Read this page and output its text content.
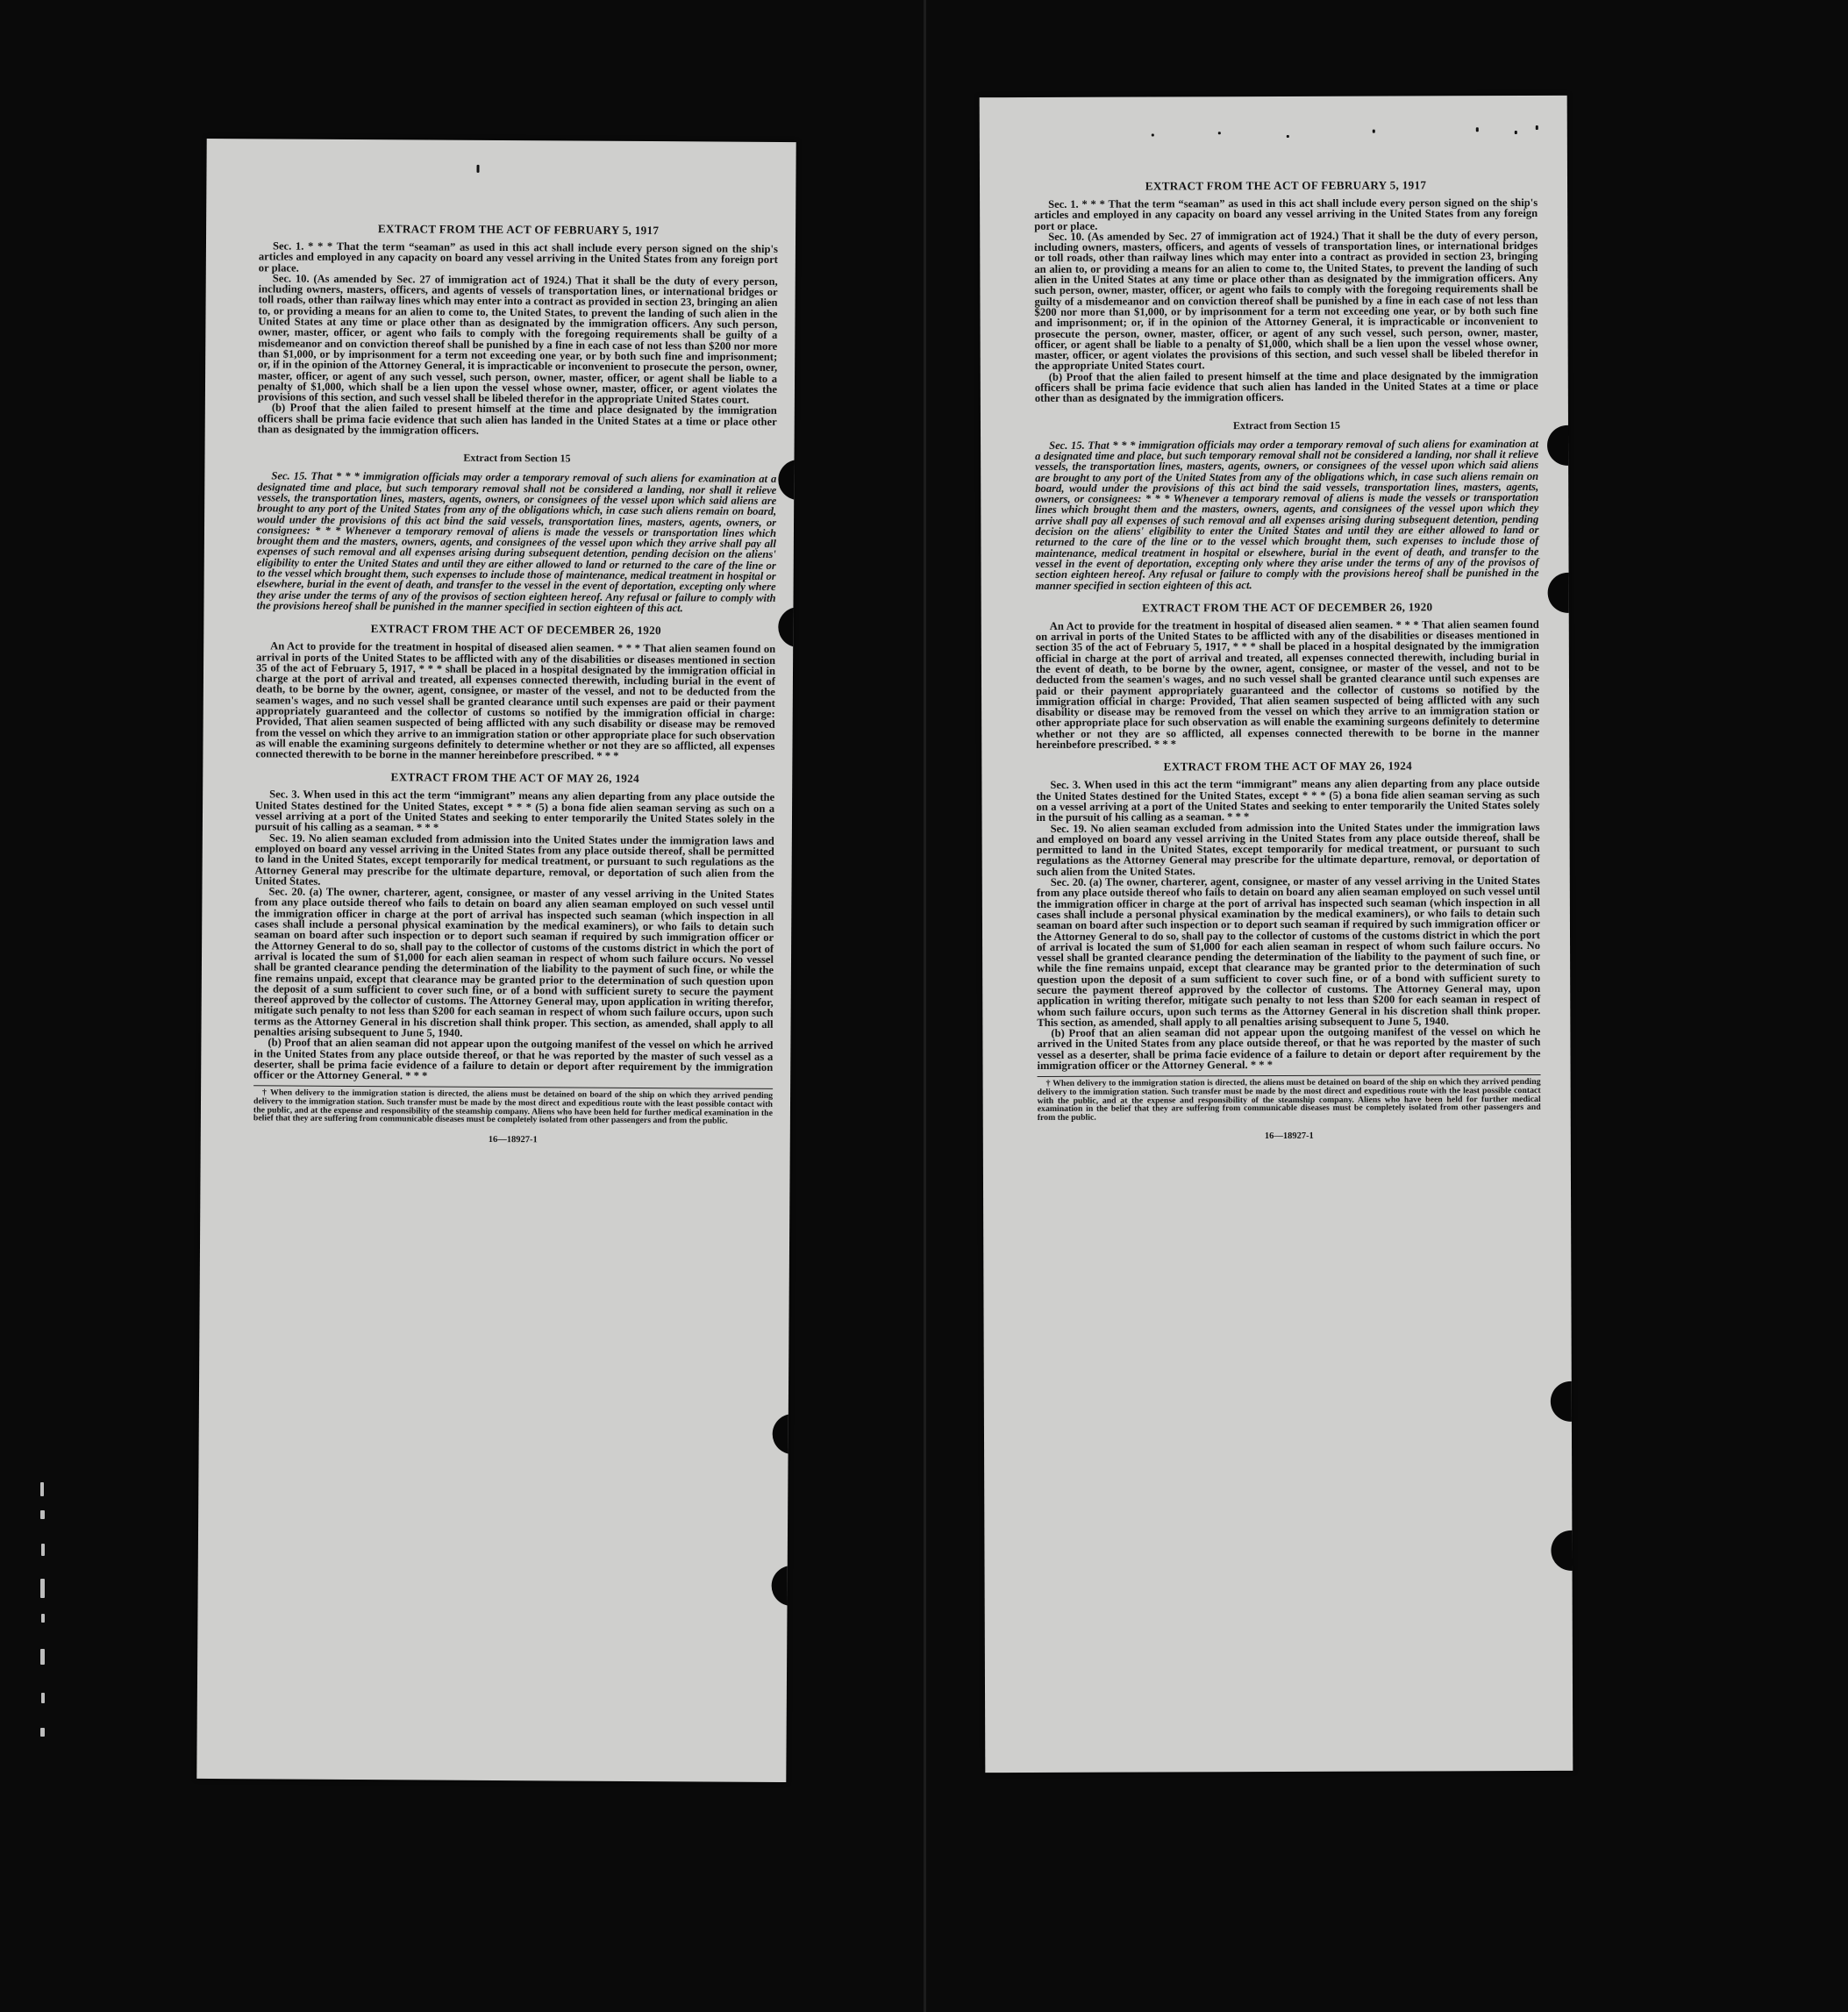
EXTRACT FROM THE ACT OF FEBRUARY 5, 1917

Sec. 1. * * * That the term “seaman” as used in this act shall include every person signed on the ship's articles and employed in any capacity on board any vessel arriving in the United States from any foreign port or place.

Sec. 10. (As amended by Sec. 27 of immigration act of 1924.) That it shall be the duty of every person, including owners, masters, officers, and agents of vessels of transportation lines, or international bridges or toll roads, other than railway lines which may enter into a contract as provided in section 23, bringing an alien to, or providing a means for an alien to come to, the United States, to prevent the landing of such alien in the United States at any time or place other than as designated by the immigration officers. Any such person, owner, master, officer, or agent who fails to comply with the foregoing requirements shall be guilty of a misdemeanor and on conviction thereof shall be punished by a fine in each case of not less than $200 nor more than $1,000, or by imprisonment for a term not exceeding one year, or by both such fine and imprisonment; or, if in the opinion of the Attorney General, it is impracticable or inconvenient to prosecute the person, owner, master, officer, or agent of any such vessel, such person, owner, master, officer, or agent shall be liable to a penalty of $1,000, which shall be a lien upon the vessel whose owner, master, officer, or agent violates the provisions of this section, and such vessel shall be libeled therefor in the appropriate United States court.

(b) Proof that the alien failed to present himself at the time and place designated by the immigration officers shall be prima facie evidence that such alien has landed in the United States at a time or place other than as designated by the immigration officers.

Extract from Section 15

Sec. 15. That * * * immigration officials may order a temporary removal of such aliens for examination at a designated time and place, but such temporary removal shall not be considered a landing, nor shall it relieve vessels, the transportation lines, masters, agents, owners, or consignees of the vessel upon which said aliens are brought to any port of the United States from any of the obligations which, in case such aliens remain on board, would under the provisions of this act bind the said vessels, transportation lines, masters, agents, owners, or consignees: * * * Whenever a temporary removal of aliens is made the vessels or transportation lines which brought them and the masters, owners, agents, and consignees of the vessel upon which they arrive shall pay all expenses of such removal and all expenses arising during subsequent detention, pending decision on the aliens' eligibility to enter the United States and until they are either allowed to land or returned to the care of the line or to the vessel which brought them, such expenses to include those of maintenance, medical treatment in hospital or elsewhere, burial in the event of death, and transfer to the vessel in the event of deportation, excepting only where they arise under the terms of any of the provisos of section eighteen hereof. Any refusal or failure to comply with the provisions hereof shall be punished in the manner specified in section eighteen of this act.

EXTRACT FROM THE ACT OF DECEMBER 26, 1920

An Act to provide for the treatment in hospital of diseased alien seamen. * * * That alien seamen found on arrival in ports of the United States to be afflicted with any of the disabilities or diseases mentioned in section 35 of the act of February 5, 1917, * * * shall be placed in a hospital designated by the immigration official in charge at the port of arrival and treated, all expenses connected therewith, including burial in the event of death, to be borne by the owner, agent, consignee, or master of the vessel, and not to be deducted from the seamen's wages, and no such vessel shall be granted clearance until such expenses are paid or their payment appropriately guaranteed and the collector of customs so notified by the immigration official in charge: Provided, That alien seamen suspected of being afflicted with any such disability or disease may be removed from the vessel on which they arrive to an immigration station or other appropriate place for such observation as will enable the examining surgeons definitely to determine whether or not they are so afflicted, all expenses connected therewith to be borne in the manner hereinbefore prescribed. * * *

EXTRACT FROM THE ACT OF MAY 26, 1924

Sec. 3. When used in this act the term “immigrant” means any alien departing from any place outside the United States destined for the United States, except * * * (5) a bona fide alien seaman serving as such on a vessel arriving at a port of the United States and seeking to enter temporarily the United States solely in the pursuit of his calling as a seaman. * * *

Sec. 19. No alien seaman excluded from admission into the United States under the immigration laws and employed on board any vessel arriving in the United States from any place outside thereof, shall be permitted to land in the United States, except temporarily for medical treatment, or pursuant to such regulations as the Attorney General may prescribe for the ultimate departure, removal, or deportation of such alien from the United States.

Sec. 20. (a) The owner, charterer, agent, consignee, or master of any vessel arriving in the United States from any place outside thereof who fails to detain on board any alien seaman employed on such vessel until the immigration officer in charge at the port of arrival has inspected such seaman (which inspection in all cases shall include a personal physical examination by the medical examiners), or who fails to detain such seaman on board after such inspection or to deport such seaman if required by such immigration officer or the Attorney General to do so, shall pay to the collector of customs of the customs district in which the port of arrival is located the sum of $1,000 for each alien seaman in respect of whom such failure occurs. No vessel shall be granted clearance pending the determination of the liability to the payment of such fine, or while the fine remains unpaid, except that clearance may be granted prior to the determination of such question upon the deposit of a sum sufficient to cover such fine, or of a bond with sufficient surety to secure the payment thereof approved by the collector of customs. The Attorney General may, upon application in writing therefor, mitigate such penalty to not less than $200 for each seaman in respect of whom such failure occurs, upon such terms as the Attorney General in his discretion shall think proper. This section, as amended, shall apply to all penalties arising subsequent to June 5, 1940.

(b) Proof that an alien seaman did not appear upon the outgoing manifest of the vessel on which he arrived in the United States from any place outside thereof, or that he was reported by the master of such vessel as a deserter, shall be prima facie evidence of a failure to detain or deport after requirement by the immigration officer or the Attorney General. * * *

† When delivery to the immigration station is directed, the aliens must be detained on board of the ship on which they arrived pending delivery to the immigration station. Such transfer must be made by the most direct and expeditious route with the least possible contact with the public, and at the expense and responsibility of the steamship company. Aliens who have been held for further medical examination in the belief that they are suffering from communicable diseases must be completely isolated from other passengers and from the public.
16—18927-1
EXTRACT FROM THE ACT OF FEBRUARY 5, 1917

Sec. 1. * * * That the term “seaman” as used in this act shall include every person signed on the ship's articles and employed in any capacity on board any vessel arriving in the United States from any foreign port or place.

Sec. 10. (As amended by Sec. 27 of immigration act of 1924.) That it shall be the duty of every person, including owners, masters, officers, and agents of vessels of transportation lines, or international bridges or toll roads, other than railway lines which may enter into a contract as provided in section 23, bringing an alien to, or providing a means for an alien to come to, the United States, to prevent the landing of such alien in the United States at any time or place other than as designated by the immigration officers. Any such person, owner, master, officer, or agent who fails to comply with the foregoing requirements shall be guilty of a misdemeanor and on conviction thereof shall be punished by a fine in each case of not less than $200 nor more than $1,000, or by imprisonment for a term not exceeding one year, or by both such fine and imprisonment; or, if in the opinion of the Attorney General, it is impracticable or inconvenient to prosecute the person, owner, master, officer, or agent of any such vessel, such person, owner, master, officer, or agent shall be liable to a penalty of $1,000, which shall be a lien upon the vessel whose owner, master, officer, or agent violates the provisions of this section, and such vessel shall be libeled therefor in the appropriate United States court.

(b) Proof that the alien failed to present himself at the time and place designated by the immigration officers shall be prima facie evidence that such alien has landed in the United States at a time or place other than as designated by the immigration officers.

Extract from Section 15

Sec. 15. That * * * immigration officials may order a temporary removal of such aliens for examination at a designated time and place, but such temporary removal shall not be considered a landing, nor shall it relieve vessels, the transportation lines, masters, agents, owners, or consignees of the vessel upon which said aliens are brought to any port of the United States from any of the obligations which, in case such aliens remain on board, would under the provisions of this act bind the said vessels, transportation lines, masters, agents, owners, or consignees: * * * Whenever a temporary removal of aliens is made the vessels or transportation lines which brought them and the masters, owners, agents, and consignees of the vessel upon which they arrive shall pay all expenses of such removal and all expenses arising during subsequent detention, pending decision on the aliens' eligibility to enter the United States and until they are either allowed to land or returned to the care of the line or to the vessel which brought them, such expenses to include those of maintenance, medical treatment in hospital or elsewhere, burial in the event of death, and transfer to the vessel in the event of deportation, excepting only where they arise under the terms of any of the provisos of section eighteen hereof. Any refusal or failure to comply with the provisions hereof shall be punished in the manner specified in section eighteen of this act.

EXTRACT FROM THE ACT OF DECEMBER 26, 1920

An Act to provide for the treatment in hospital of diseased alien seamen. * * * That alien seamen found on arrival in ports of the United States to be afflicted with any of the disabilities or diseases mentioned in section 35 of the act of February 5, 1917, * * * shall be placed in a hospital designated by the immigration official in charge at the port of arrival and treated, all expenses connected therewith, including burial in the event of death, to be borne by the owner, agent, consignee, or master of the vessel, and not to be deducted from the seamen's wages, and no such vessel shall be granted clearance until such expenses are paid or their payment appropriately guaranteed and the collector of customs so notified by the immigration official in charge: Provided, That alien seamen suspected of being afflicted with any such disability or disease may be removed from the vessel on which they arrive to an immigration station or other appropriate place for such observation as will enable the examining surgeons definitely to determine whether or not they are so afflicted, all expenses connected therewith to be borne in the manner hereinbefore prescribed. * * *

EXTRACT FROM THE ACT OF MAY 26, 1924

Sec. 3. When used in this act the term “immigrant” means any alien departing from any place outside the United States destined for the United States, except * * * (5) a bona fide alien seaman serving as such on a vessel arriving at a port of the United States and seeking to enter temporarily the United States solely in the pursuit of his calling as a seaman. * * *

Sec. 19. No alien seaman excluded from admission into the United States under the immigration laws and employed on board any vessel arriving in the United States from any place outside thereof, shall be permitted to land in the United States, except temporarily for medical treatment, or pursuant to such regulations as the Attorney General may prescribe for the ultimate departure, removal, or deportation of such alien from the United States.

Sec. 20. (a) The owner, charterer, agent, consignee, or master of any vessel arriving in the United States from any place outside thereof who fails to detain on board any alien seaman employed on such vessel until the immigration officer in charge at the port of arrival has inspected such seaman (which inspection in all cases shall include a personal physical examination by the medical examiners), or who fails to detain such seaman on board after such inspection or to deport such seaman if required by such immigration officer or the Attorney General to do so, shall pay to the collector of customs of the customs district in which the port of arrival is located the sum of $1,000 for each alien seaman in respect of whom such failure occurs. No vessel shall be granted clearance pending the determination of the liability to the payment of such fine, or while the fine remains unpaid, except that clearance may be granted prior to the determination of such question upon the deposit of a sum sufficient to cover such fine, or of a bond with sufficient surety to secure the payment thereof approved by the collector of customs. The Attorney General may, upon application in writing therefor, mitigate such penalty to not less than $200 for each seaman in respect of whom such failure occurs, upon such terms as the Attorney General in his discretion shall think proper. This section, as amended, shall apply to all penalties arising subsequent to June 5, 1940.

(b) Proof that an alien seaman did not appear upon the outgoing manifest of the vessel on which he arrived in the United States from any place outside thereof, or that he was reported by the master of such vessel as a deserter, shall be prima facie evidence of a failure to detain or deport after requirement by the immigration officer or the Attorney General. * * *

† When delivery to the immigration station is directed, the aliens must be detained on board of the ship on which they arrived pending delivery to the immigration station. Such transfer must be made by the most direct and expeditious route with the least possible contact with the public, and at the expense and responsibility of the steamship company. Aliens who have been held for further medical examination in the belief that they are suffering from communicable diseases must be completely isolated from other passengers and from the public.
16—18927-1
